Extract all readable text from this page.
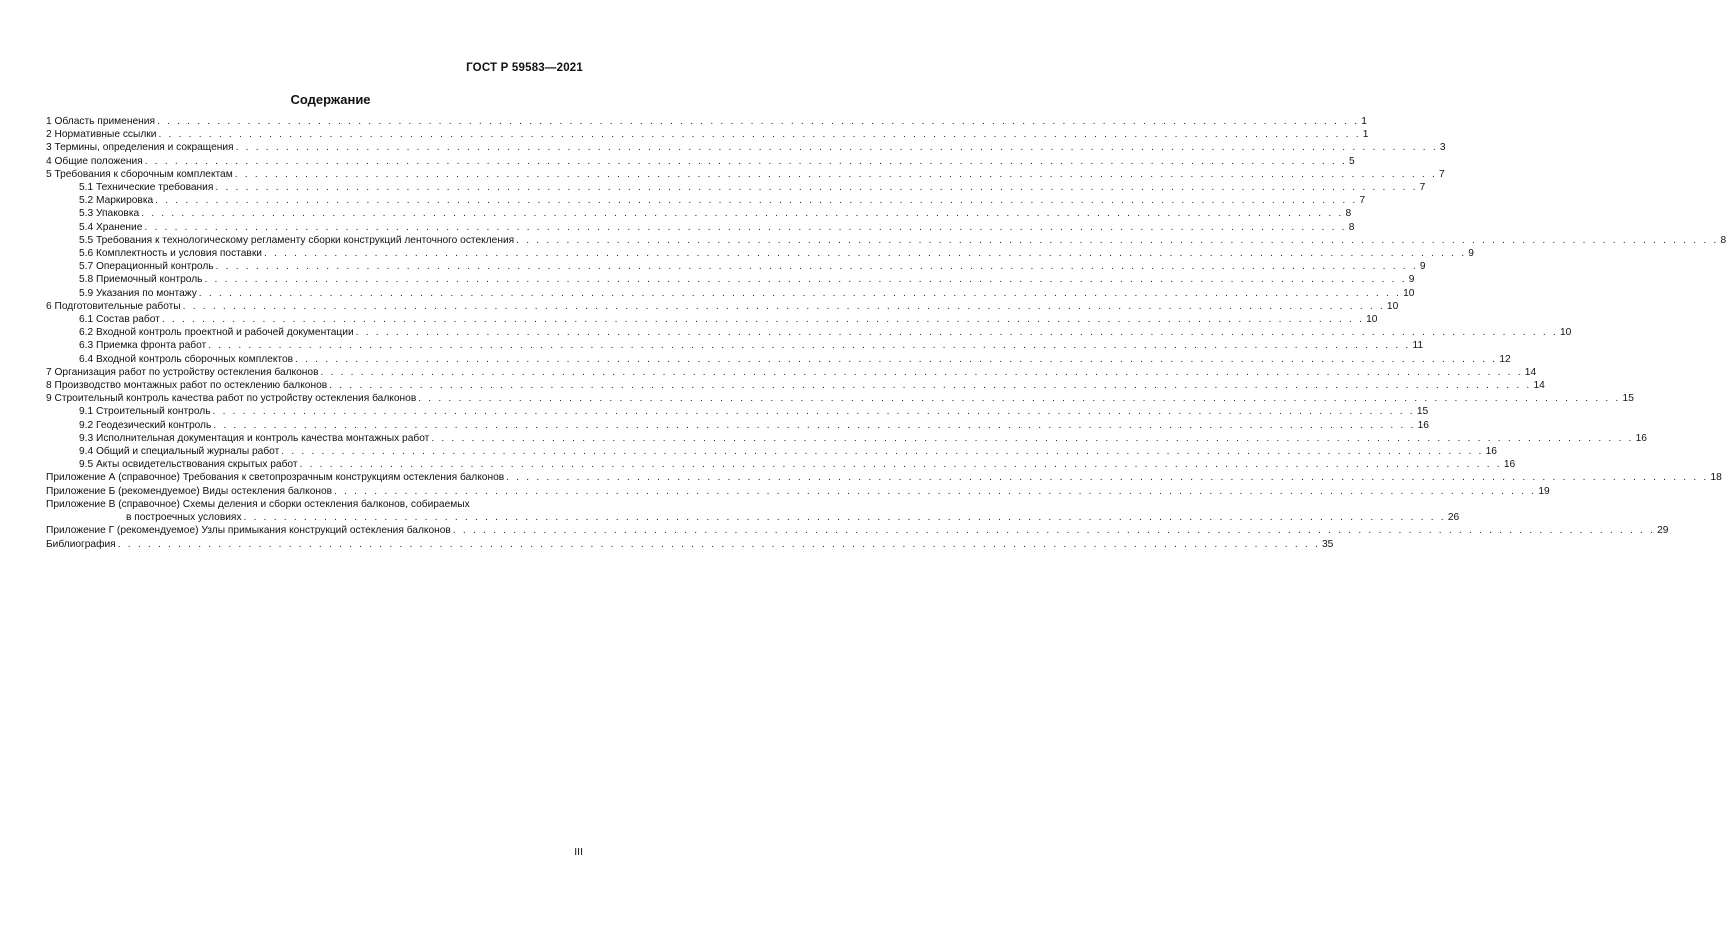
ГОСТ Р 59583—2021
Содержание
1 Область применения . . . . . . . . . . . . . . . . . . . . . . . . . . . . . . . . . . . . . . . . . . . . . . . . . . . . . . . . . . . . . . . . . . . . . . . . . . . . . . . . . . . . . . . . . . . . . . . . . . . . . . . . . . . . . . . . . . . . . . . . 1
2 Нормативные ссылки . . . . . . . . . . . . . . . . . . . . . . . . . . . . . . . . . . . . . . . . . . . . . . . . . . . . . . . . . . . . . . . . . . . . . . . . . . . . . . . . . . . . . . . . . . . . . . . . . . . . . . . . . . . . . . . . . . . . . . . . 1
3 Термины, определения и сокращения . . . . . . . . . . . . . . . . . . . . . . . . . . . . . . . . . . . . . . . . . . . . . . . . . . . . . . . . . . . . . . . . . . . . . . . . . . . . . . . . . . . . . . . . . . . . . . . . . . . . . . . . . . . . . . . . . . . . . . . . 3
4 Общие положения . . . . . . . . . . . . . . . . . . . . . . . . . . . . . . . . . . . . . . . . . . . . . . . . . . . . . . . . . . . . . . . . . . . . . . . . . . . . . . . . . . . . . . . . . . . . . . . . . . . . . . . . . . . . . . . . . . . . . . . . 5
5 Требования к сборочным комплектам . . . . . . . . . . . . . . . . . . . . . . . . . . . . . . . . . . . . . . . . . . . . . . . . . . . . . . . . . . . . . . . . . . . . . . . . . . . . . . . . . . . . . . . . . . . . . . . . . . . . . . . . . . . . . . . . . . . . . . . . 7
5.1 Технические требования . . . . . . . . . . . . . . . . . . . . . . . . . . . . . . . . . . . . . . . . . . . . . . . . . . . . . . . . . . . . . . . . . . . . . . . . . . . . . . . . . . . . . . . . . . . . . . . . . . . . . . . . . . . . . . . . . . . . . . . . 7
5.2 Маркировка . . . . . . . . . . . . . . . . . . . . . . . . . . . . . . . . . . . . . . . . . . . . . . . . . . . . . . . . . . . . . . . . . . . . . . . . . . . . . . . . . . . . . . . . . . . . . . . . . . . . . . . . . . . . . . . . . . . . . . . . 7
5.3 Упаковка . . . . . . . . . . . . . . . . . . . . . . . . . . . . . . . . . . . . . . . . . . . . . . . . . . . . . . . . . . . . . . . . . . . . . . . . . . . . . . . . . . . . . . . . . . . . . . . . . . . . . . . . . . . . . . . . . . . . . . . . 8
5.4 Хранение . . . . . . . . . . . . . . . . . . . . . . . . . . . . . . . . . . . . . . . . . . . . . . . . . . . . . . . . . . . . . . . . . . . . . . . . . . . . . . . . . . . . . . . . . . . . . . . . . . . . . . . . . . . . . . . . . . . . . . . . 8
5.5 Требования к технологическому регламенту сборки конструкций ленточного остекления . . . . . . . . . . . . . . . . . . . . . . . . . . . . . . . . . . . . . . . . . . . . . . . . . . . . . . . . . . . . . . . . . . . . . . . . . . . . . . . . . . . . . . . . . . . . . . . . . . . . . . . . . . . . . . . . . . . . . . . . 8
5.6 Комплектность и условия поставки . . . . . . . . . . . . . . . . . . . . . . . . . . . . . . . . . . . . . . . . . . . . . . . . . . . . . . . . . . . . . . . . . . . . . . . . . . . . . . . . . . . . . . . . . . . . . . . . . . . . . . . . . . . . . . . . . . . . . . . . 9
5.7 Операционный контроль . . . . . . . . . . . . . . . . . . . . . . . . . . . . . . . . . . . . . . . . . . . . . . . . . . . . . . . . . . . . . . . . . . . . . . . . . . . . . . . . . . . . . . . . . . . . . . . . . . . . . . . . . . . . . . . . . . . . . . . . 9
5.8 Приемочный контроль . . . . . . . . . . . . . . . . . . . . . . . . . . . . . . . . . . . . . . . . . . . . . . . . . . . . . . . . . . . . . . . . . . . . . . . . . . . . . . . . . . . . . . . . . . . . . . . . . . . . . . . . . . . . . . . . . . . . . . . . 9
5.9 Указания по монтажу . . . . . . . . . . . . . . . . . . . . . . . . . . . . . . . . . . . . . . . . . . . . . . . . . . . . . . . . . . . . . . . . . . . . . . . . . . . . . . . . . . . . . . . . . . . . . . . . . . . . . . . . . . . . . . . . . . . . . . . . 10
6 Подготовительные работы . . . . . . . . . . . . . . . . . . . . . . . . . . . . . . . . . . . . . . . . . . . . . . . . . . . . . . . . . . . . . . . . . . . . . . . . . . . . . . . . . . . . . . . . . . . . . . . . . . . . . . . . . . . . . . . . . . . . . . . . 10
6.1 Состав работ . . . . . . . . . . . . . . . . . . . . . . . . . . . . . . . . . . . . . . . . . . . . . . . . . . . . . . . . . . . . . . . . . . . . . . . . . . . . . . . . . . . . . . . . . . . . . . . . . . . . . . . . . . . . . . . . . . . . . . . . 10
6.2 Входной контроль проектной и рабочей документации . . . . . . . . . . . . . . . . . . . . . . . . . . . . . . . . . . . . . . . . . . . . . . . . . . . . . . . . . . . . . . . . . . . . . . . . . . . . . . . . . . . . . . . . . . . . . . . . . . . . . . . . . . . . . . . . . . . . . . . . 10
6.3 Приемка фронта работ . . . . . . . . . . . . . . . . . . . . . . . . . . . . . . . . . . . . . . . . . . . . . . . . . . . . . . . . . . . . . . . . . . . . . . . . . . . . . . . . . . . . . . . . . . . . . . . . . . . . . . . . . . . . . . . . . . . . . . . . 11
6.4 Входной контроль сборочных комплектов . . . . . . . . . . . . . . . . . . . . . . . . . . . . . . . . . . . . . . . . . . . . . . . . . . . . . . . . . . . . . . . . . . . . . . . . . . . . . . . . . . . . . . . . . . . . . . . . . . . . . . . . . . . . . . . . . . . . . . . . 12
7 Организация работ по устройству остекления балконов . . . . . . . . . . . . . . . . . . . . . . . . . . . . . . . . . . . . . . . . . . . . . . . . . . . . . . . . . . . . . . . . . . . . . . . . . . . . . . . . . . . . . . . . . . . . . . . . . . . . . . . . . . . . . . . . . . . . . . . . 14
8 Производство монтажных работ по остеклению балконов . . . . . . . . . . . . . . . . . . . . . . . . . . . . . . . . . . . . . . . . . . . . . . . . . . . . . . . . . . . . . . . . . . . . . . . . . . . . . . . . . . . . . . . . . . . . . . . . . . . . . . . . . . . . . . . . . . . . . . . . 14
9 Строительный контроль качества работ по устройству остекления балконов . . . . . . . . . . . . . . . . . . . . . . . . . . . . . . . . . . . . . . . . . . . . . . . . . . . . . . . . . . . . . . . . . . . . . . . . . . . . . . . . . . . . . . . . . . . . . . . . . . . . . . . . . . . . . . . . . . . . . . . . 15
9.1 Строительный контроль . . . . . . . . . . . . . . . . . . . . . . . . . . . . . . . . . . . . . . . . . . . . . . . . . . . . . . . . . . . . . . . . . . . . . . . . . . . . . . . . . . . . . . . . . . . . . . . . . . . . . . . . . . . . . . . . . . . . . . . . 15
9.2 Геодезический контроль . . . . . . . . . . . . . . . . . . . . . . . . . . . . . . . . . . . . . . . . . . . . . . . . . . . . . . . . . . . . . . . . . . . . . . . . . . . . . . . . . . . . . . . . . . . . . . . . . . . . . . . . . . . . . . . . . . . . . . . . 16
9.3 Исполнительная документация и контроль качества монтажных работ . . . . . . . . . . . . . . . . . . . . . . . . . . . . . . . . . . . . . . . . . . . . . . . . . . . . . . . . . . . . . . . . . . . . . . . . . . . . . . . . . . . . . . . . . . . . . . . . . . . . . . . . . . . . . . . . . . . . . . . . 16
9.4 Общий и специальный журналы работ . . . . . . . . . . . . . . . . . . . . . . . . . . . . . . . . . . . . . . . . . . . . . . . . . . . . . . . . . . . . . . . . . . . . . . . . . . . . . . . . . . . . . . . . . . . . . . . . . . . . . . . . . . . . . . . . . . . . . . . . 16
9.5 Акты освидетельствования скрытых работ . . . . . . . . . . . . . . . . . . . . . . . . . . . . . . . . . . . . . . . . . . . . . . . . . . . . . . . . . . . . . . . . . . . . . . . . . . . . . . . . . . . . . . . . . . . . . . . . . . . . . . . . . . . . . . . . . . . . . . . . 16
Приложение А (справочное) Требования к светопрозрачным конструкциям остекления балконов . . . . . . . . . . . . . . . . . . . . . . . . . . . . . . . . . . . . . . . . . . . . . . . . . . . . . . . . . . . . . . . . . . . . . . . . . . . . . . . . . . . . . . . . . . . . . . . . . . . . . . . . . . . . . . . . . . . . . . . . 18
Приложение Б (рекомендуемое) Виды остекления балконов . . . . . . . . . . . . . . . . . . . . . . . . . . . . . . . . . . . . . . . . . . . . . . . . . . . . . . . . . . . . . . . . . . . . . . . . . . . . . . . . . . . . . . . . . . . . . . . . . . . . . . . . . . . . . . . . . . . . . . . . 19
Приложение В (справочное) Схемы деления и сборки остекления балконов, собираемых
в построечных условиях . . . . . . . . . . . . . . . . . . . . . . . . . . . . . . . . . . . . . . . . . . . . . . . . . . . . . . . . . . . . . . . . . . . . . . . . . . . . . . . . . . . . . . . . . . . . . . . . . . . . . . . . . . . . . . . . . . . . . . . . 26
Приложение Г (рекомендуемое) Узлы примыкания конструкций остекления балконов . . . . . . . . . . . . . . . . . . . . . . . . . . . . . . . . . . . . . . . . . . . . . . . . . . . . . . . . . . . . . . . . . . . . . . . . . . . . . . . . . . . . . . . . . . . . . . . . . . . . . . . . . . . . . . . . . . . . . . . . 29
Библиография . . . . . . . . . . . . . . . . . . . . . . . . . . . . . . . . . . . . . . . . . . . . . . . . . . . . . . . . . . . . . . . . . . . . . . . . . . . . . . . . . . . . . . . . . . . . . . . . . . . . . . . . . . . . . . . . . . . . . . . . 35
III
